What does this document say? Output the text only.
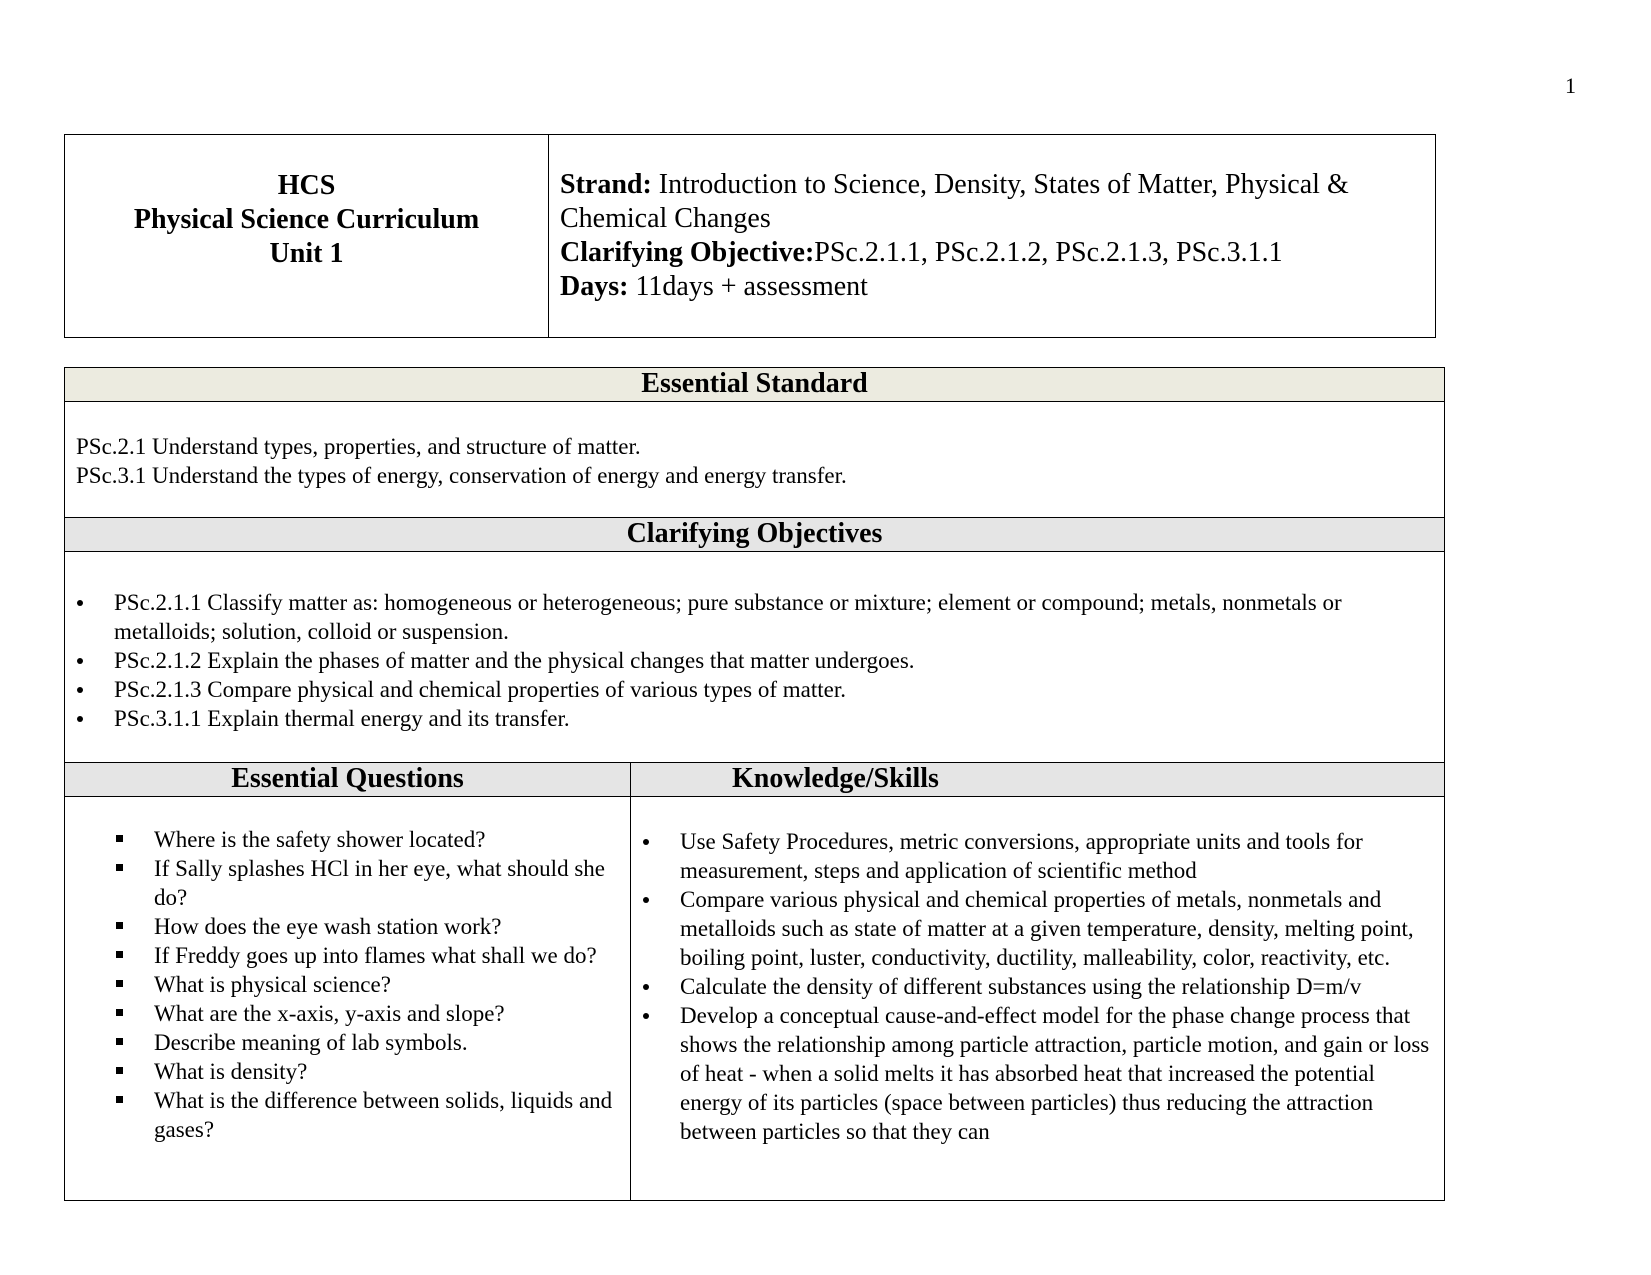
1
HCS
Physical Science Curriculum
Unit 1
Strand: Introduction to Science, Density, States of Matter, Physical & Chemical Changes
Clarifying Objective:PSc.2.1.1, PSc.2.1.2, PSc.2.1.3, PSc.3.1.1
Days: 11days + assessment
Essential Standard
PSc.2.1 Understand types, properties, and structure of matter.
PSc.3.1 Understand the types of energy, conservation of energy and energy transfer.
Clarifying Objectives
PSc.2.1.1 Classify matter as: homogeneous or heterogeneous; pure substance or mixture; element or compound; metals, nonmetals or metalloids; solution, colloid or suspension.
PSc.2.1.2 Explain the phases of matter and the physical changes that matter undergoes.
PSc.2.1.3 Compare physical and chemical properties of various types of matter.
PSc.3.1.1 Explain thermal energy and its transfer.
Essential Questions
Where is the safety shower located?
If Sally splashes HCl in her eye, what should she do?
How does the eye wash station work?
If Freddy goes up into flames what shall we do?
What is physical science?
What are the x-axis, y-axis and slope?
Describe meaning of lab symbols.
What is density?
What is the difference between solids, liquids and gases?
Knowledge/Skills
Use Safety Procedures, metric conversions, appropriate units and tools for measurement, steps and application of scientific method
Compare various physical and chemical properties of metals, nonmetals and metalloids such as state of matter at a given temperature, density, melting point, boiling point, luster, conductivity, ductility, malleability, color, reactivity, etc.
Calculate the density of different substances using the relationship D=m/v
Develop a conceptual cause-and-effect model for the phase change process that shows the relationship among particle attraction, particle motion, and gain or loss of heat - when a solid melts it has absorbed heat that increased the potential energy of its particles (space between particles) thus reducing the attraction between particles so that they can
